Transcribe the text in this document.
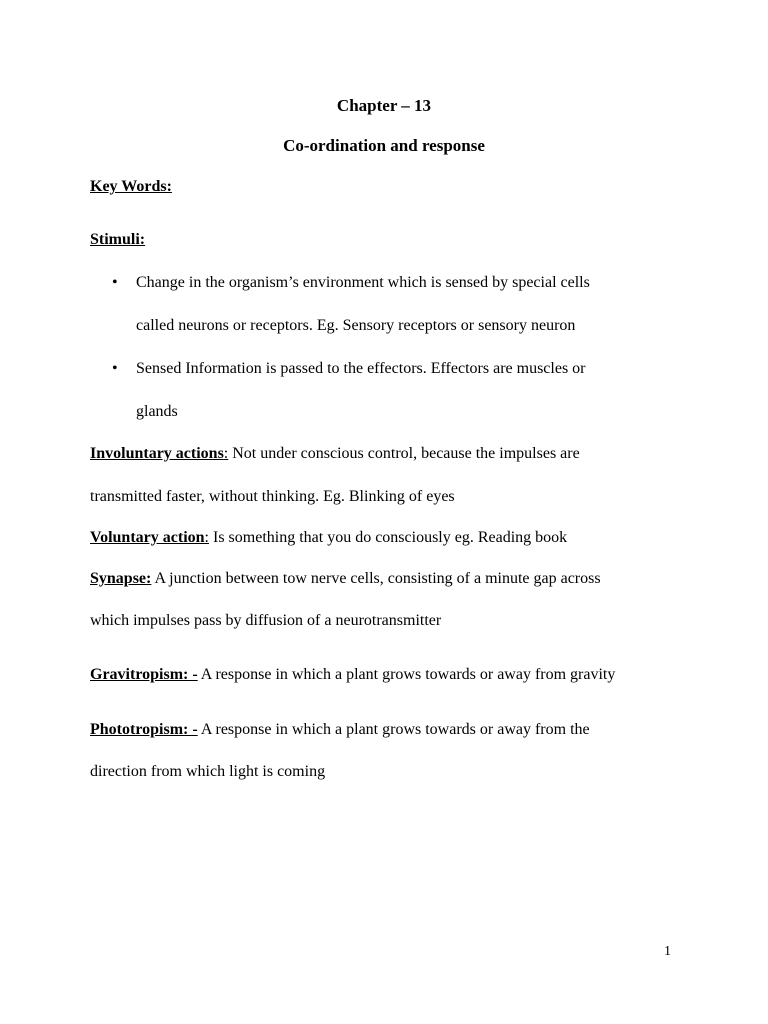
Chapter – 13
Co-ordination and response
Key Words:
Stimuli:
• Change in the organism’s environment which is sensed by special cells
called neurons or receptors. Eg. Sensory receptors or sensory neuron
• Sensed Information is passed to the effectors. Effectors are muscles or
glands
Involuntary actions: Not under conscious control, because the impulses are
transmitted faster, without thinking. Eg. Blinking of eyes
Voluntary action: Is something that you do consciously eg. Reading book
Synapse: A junction between tow nerve cells, consisting of a minute gap across
which impulses pass by diffusion of a neurotransmitter
Gravitropism: - A response in which a plant grows towards or away from gravity
Phototropism: - A response in which a plant grows towards or away from the
direction from which light is coming
1
